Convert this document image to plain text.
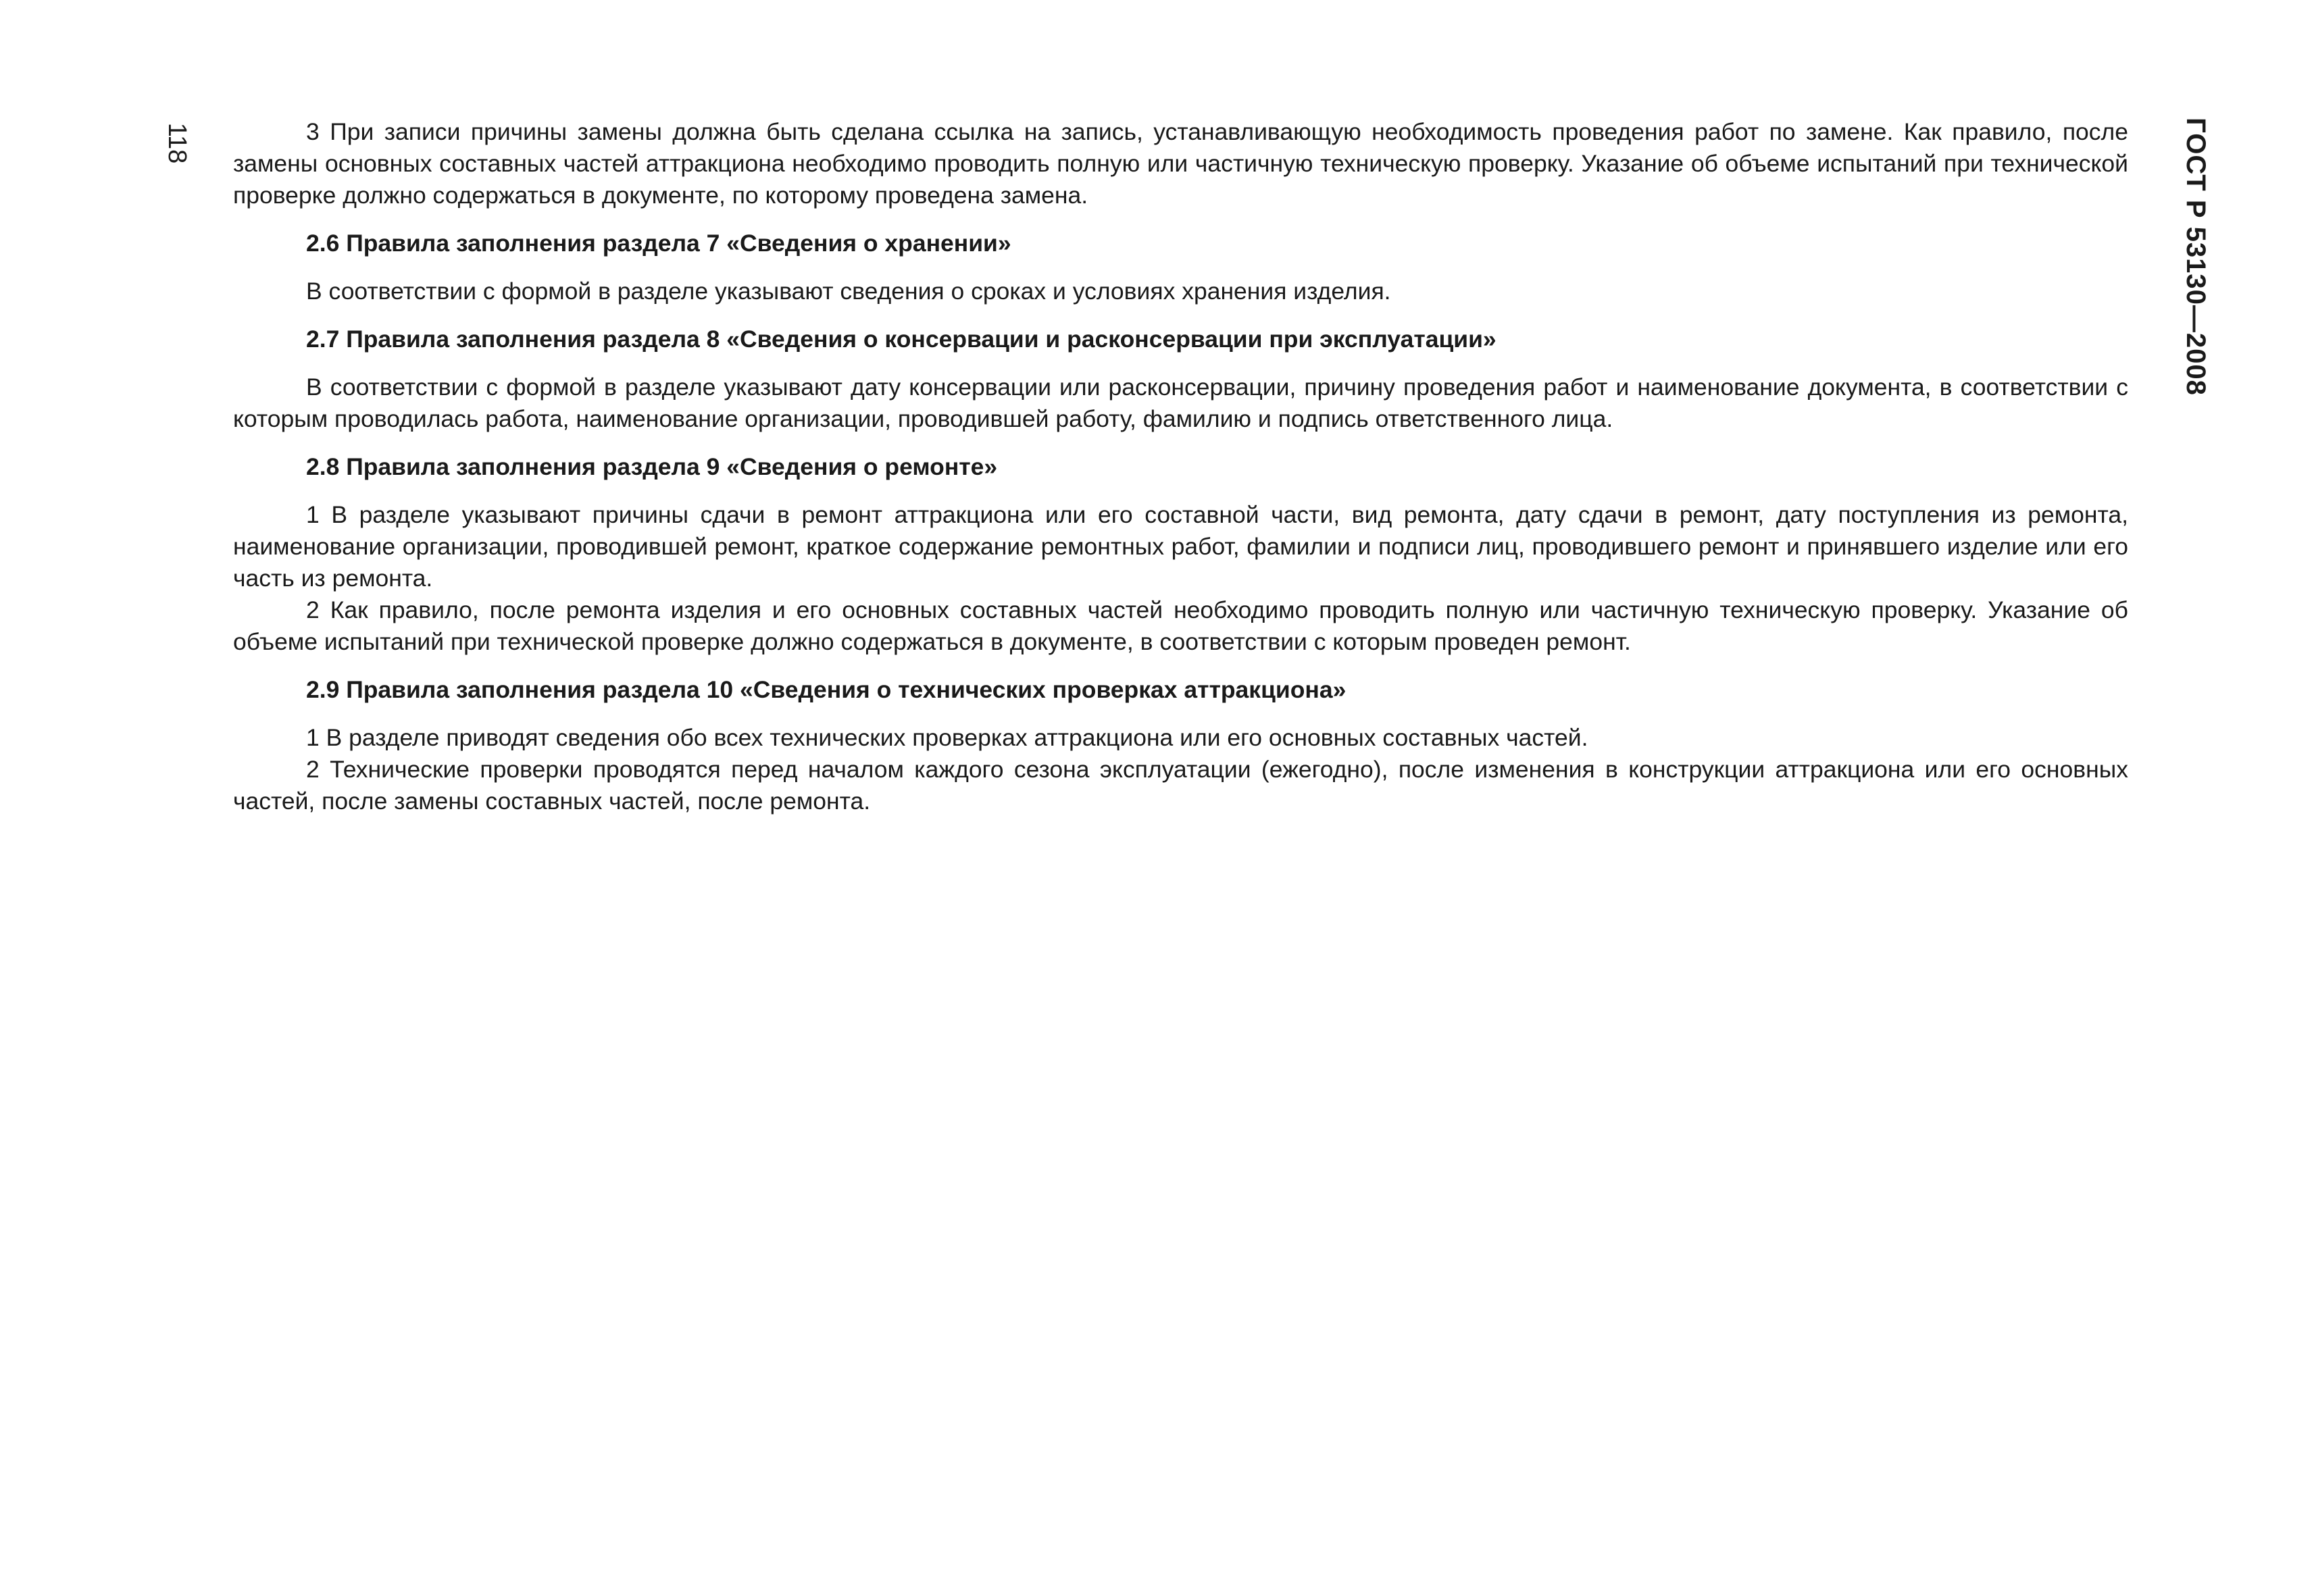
118	ГОСТ Р 53130—2008

3 При записи причины замены должна быть сделана ссылка на запись, устанавливающую необходимость проведения работ по замене. Как правило, после замены основных составных частей аттракциона необходимо проводить полную или частичную техническую проверку. Указание об объеме испытаний при технической проверке должно содержаться в документе, по которому проведена замена.

2.6 Правила заполнения раздела 7 «Сведения о хранении»

В соответствии с формой в разделе указывают сведения о сроках и условиях хранения изделия.

2.7 Правила заполнения раздела 8 «Сведения о консервации и расконсервации при эксплуатации»

В соответствии с формой в разделе указывают дату консервации или расконсервации, причину проведения работ и наименование документа, в соответствии с которым проводилась работа, наименование организации, проводившей работу, фамилию и подпись ответственного лица.

2.8 Правила заполнения раздела 9 «Сведения о ремонте»

1 В разделе указывают причины сдачи в ремонт аттракциона или его составной части, вид ремонта, дату сдачи в ремонт, дату поступления из ремонта, наименование организации, проводившей ремонт, краткое содержание ремонтных работ, фамилии и подписи лиц, проводившего ремонт и принявшего изделие или его часть из ремонта.

2 Как правило, после ремонта изделия и его основных составных частей необходимо проводить полную или частичную техническую проверку. Указание об объеме испытаний при технической проверке должно содержаться в документе, в соответствии с которым проведен ремонт.

2.9 Правила заполнения раздела 10 «Сведения о технических проверках аттракциона»

1 В разделе приводят сведения обо всех технических проверках аттракциона или его основных составных частей.

2 Технические проверки проводятся перед началом каждого сезона эксплуатации (ежегодно), после изменения в конструкции аттракциона или его основных частей, после замены составных частей, после ремонта.
